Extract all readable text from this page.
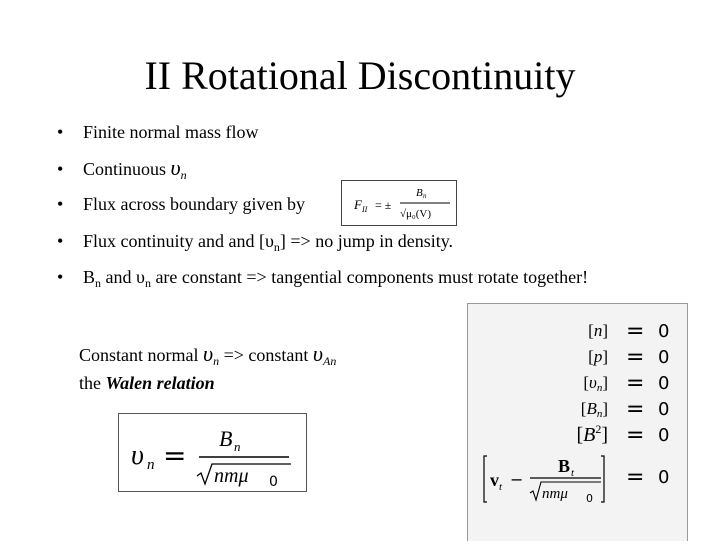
II Rotational Discontinuity
• Finite normal mass flow
• Continuous $\upsilon_n$
• Flux across boundary given by	F II = ±
B n
√μ₀(V)
• Flux continuity and and $[\upsilon_n]$ => no jump in density.
• $B_n$ and $\upsilon_n$ are constant => tangential components must rotate together!
Constant normal $\upsilon_n$ => constant $\upsilon_{An}$
the Walen relation
υ n =
B n
nmμ 0
[n] = 0
[p] = 0
[υn] = 0
[Bn] = 0
$[B^2] = 0$
v t −
B t
nmμ 0
= 0
